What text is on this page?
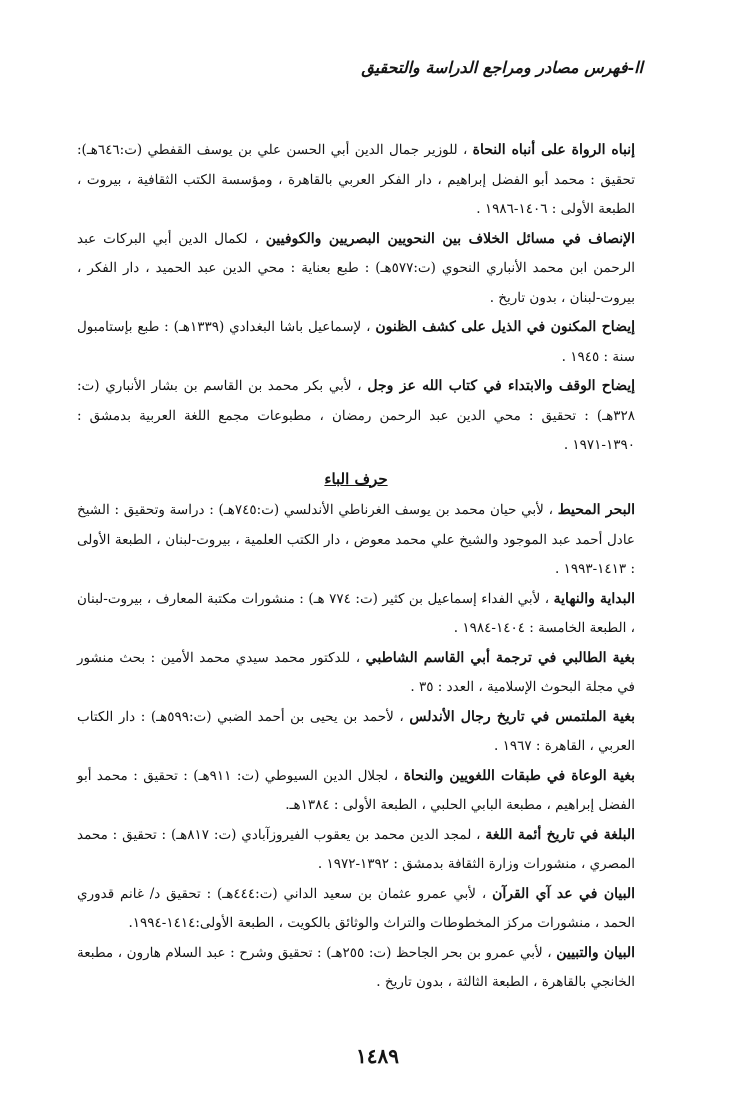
اا-فهرس مصادر ومراجع الدراسة والتحقيق

إنباه الرواة على أنباه النحاة ، للوزير جمال الدين أبي الحسن علي بن يوسف القفطي (ت:٦٤٦هـ): تحقيق : محمد أبو الفضل إبراهيم ، دار الفكر العربي بالقاهرة ، ومؤسسة الكتب الثقافية ، بيروت ، الطبعة الأولى : ١٤٠٦-١٩٨٦ .

الإنصاف في مسائل الخلاف بين النحويين البصريين والكوفيين ، لكمال الدين أبي البركات عبد الرحمن ابن محمد الأنباري النحوي (ت:٥٧٧هـ) : طبع بعناية : محي الدين عبد الحميد ، دار الفكر ، بيروت-لبنان ، بدون تاريخ .

إيضاح المكنون في الذيل على كشف الظنون ، لإسماعيل باشا البغدادي (١٣٣٩هـ) : طبع بإستامبول سنة : ١٩٤٥ .

إيضاح الوقف والابتداء في كتاب الله عز وجل ، لأبي بكر محمد بن القاسم بن بشار الأنباري (ت: ٣٢٨هـ) : تحقيق : محي الدين عبد الرحمن رمضان ، مطبوعات مجمع اللغة العربية بدمشق : ١٣٩٠-١٩٧١ .

حرف الباء

البحر المحيط ، لأبي حيان محمد بن يوسف الغرناطي الأندلسي (ت:٧٤٥هـ) : دراسة وتحقيق : الشيخ عادل أحمد عبد الموجود والشيخ علي محمد معوض ، دار الكتب العلمية ، بيروت-لبنان ، الطبعة الأولى : ١٤١٣-١٩٩٣ .

البداية والنهاية ، لأبي الفداء إسماعيل بن كثير (ت: ٧٧٤ هـ) : منشورات مكتبة المعارف ، بيروت-لبنان ، الطبعة الخامسة : ١٤٠٤-١٩٨٤ .

بغية الطالبي في ترجمة أبي القاسم الشاطبي ، للدكتور محمد سيدي محمد الأمين : بحث منشور في مجلة البحوث الإسلامية ، العدد : ٣٥ .

بغية الملتمس في تاريخ رجال الأندلس ، لأحمد بن يحيى بن أحمد الضبي (ت:٥٩٩هـ) : دار الكتاب العربي ، القاهرة : ١٩٦٧ .

بغية الوعاة في طبقات اللغويين والنحاة ، لجلال الدين السيوطي (ت: ٩١١هـ) : تحقيق : محمد أبو الفضل إبراهيم ، مطبعة البابي الحلبي ، الطبعة الأولى : ١٣٨٤هـ.

البلغة في تاريخ أئمة اللغة ، لمجد الدين محمد بن يعقوب الفيروزآبادي (ت: ٨١٧هـ) : تحقيق : محمد المصري ، منشورات وزارة الثقافة بدمشق : ١٣٩٢-١٩٧٢ .

البيان في عد آي القرآن ، لأبي عمرو عثمان بن سعيد الداني (ت:٤٤٤هـ) : تحقيق د/ غانم قدوري الحمد ، منشورات مركز المخطوطات والتراث والوثائق بالكويت ، الطبعة الأولى:١٤١٤-١٩٩٤.

البيان والتبيين ، لأبي عمرو بن بحر الجاحظ (ت: ٢٥٥هـ) : تحقيق وشرح : عبد السلام هارون ، مطبعة الخانجي بالقاهرة ، الطبعة الثالثة ، بدون تاريخ .

١٤٨٩
